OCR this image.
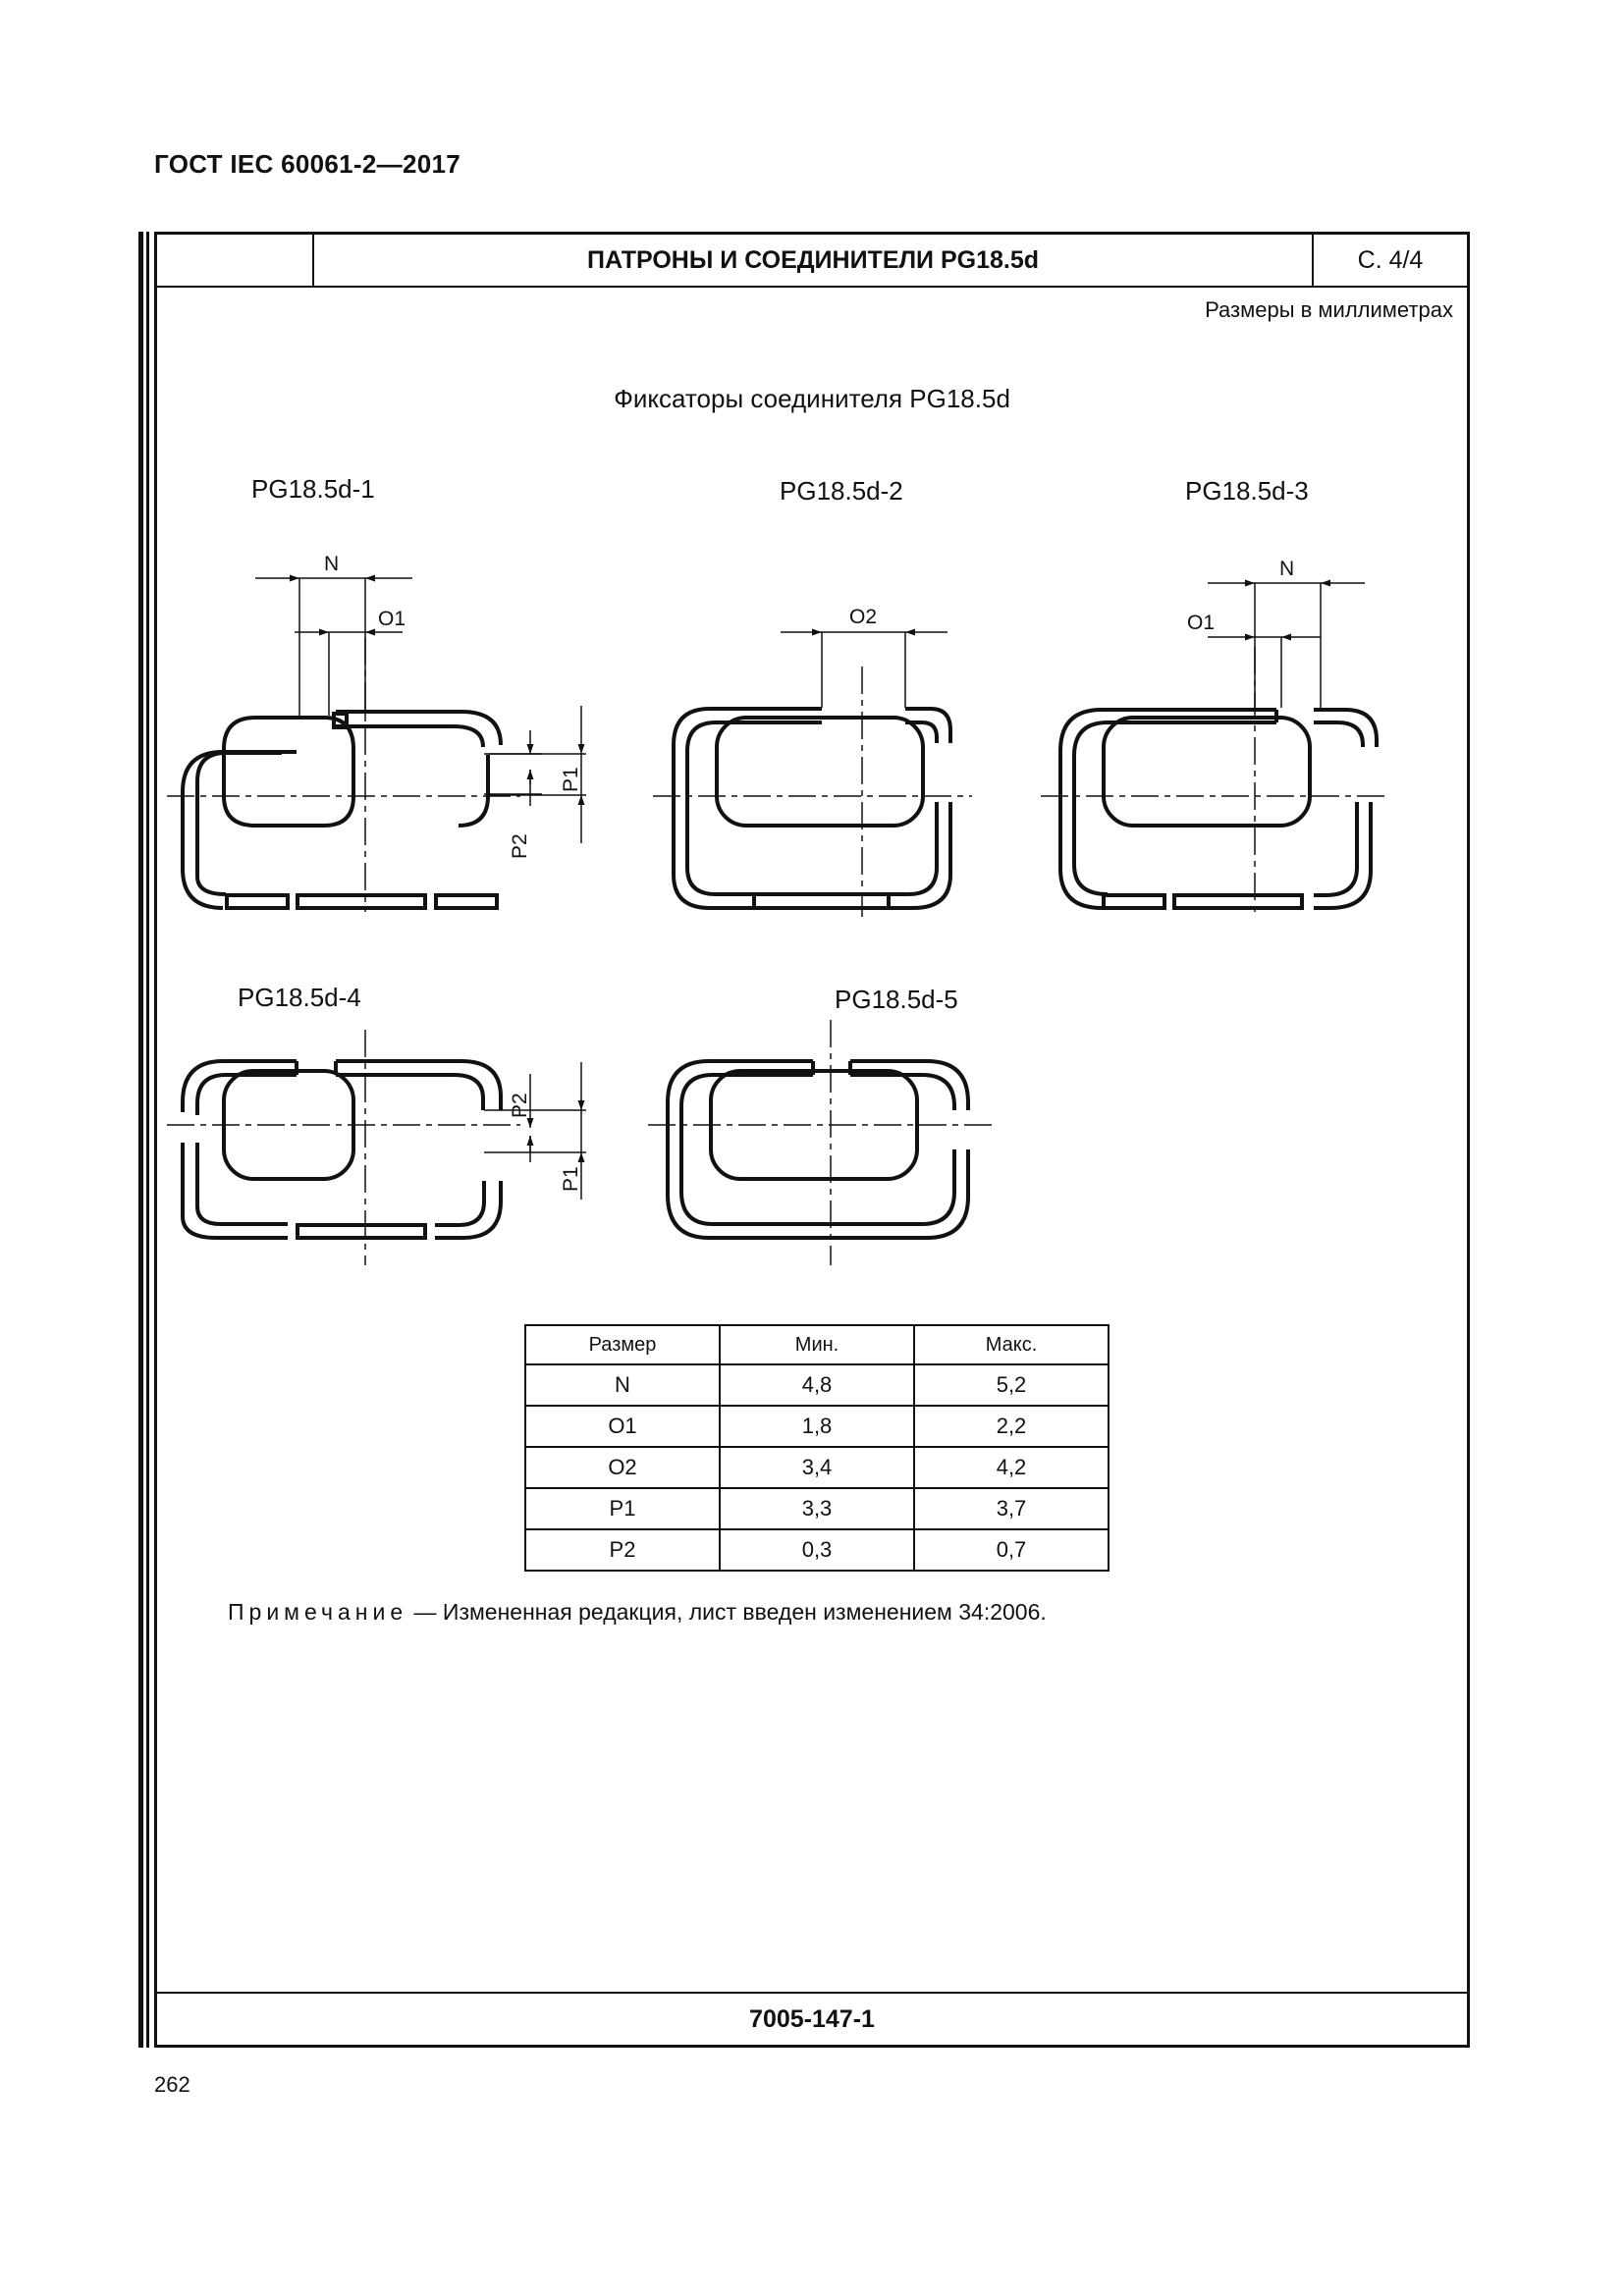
ГОСТ IEC 60061-2—2017
ПАТРОНЫ И СОЕДИНИТЕЛИ PG18.5d	С. 4/4
Размеры в миллиметрах
Фиксаторы соединителя PG18.5d
PG18.5d-1
N
O1
P1
P2
PG18.5d-2
O2
PG18.5d-3
N
O1
PG18.5d-4
P2
P1
PG18.5d-5
Размер	Мин.	Макс.
N	4,8	5,2
O1	1,8	2,2
O2	3,4	4,2
P1	3,3	3,7
P2	0,3	0,7
Примечание — Измененная редакция, лист введен изменением 34:2006.
7005-147-1
262
